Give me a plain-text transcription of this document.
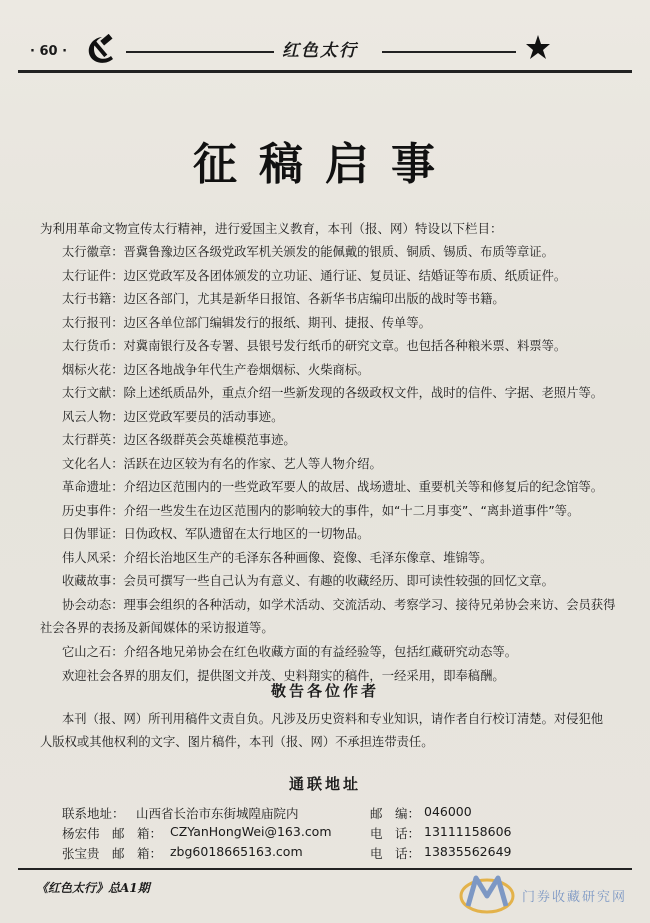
· 60 ·	红色太行
征稿启事
为利用革命文物宣传太行精神，进行爱国主义教育，本刊（报、网）特设以下栏目：
太行徽章：晋冀鲁豫边区各级党政军机关颁发的能佩戴的银质、铜质、锡质、布质等章证。
太行证件：边区党政军及各团体颁发的立功证、通行证、复员证、结婚证等布质、纸质证件。
太行书籍：边区各部门，尤其是新华日报馆、各新华书店编印出版的战时等书籍。
太行报刊：边区各单位部门编辑发行的报纸、期刊、捷报、传单等。
太行货币：对冀南银行及各专署、县银号发行纸币的研究文章。也包括各种粮米票、料票等。
烟标火花：边区各地战争年代生产卷烟烟标、火柴商标。
太行文献：除上述纸质品外，重点介绍一些新发现的各级政权文件，战时的信件、字据、老照片等。
风云人物：边区党政军要员的活动事迹。
太行群英：边区各级群英会英雄模范事迹。
文化名人：活跃在边区较为有名的作家、艺人等人物介绍。
革命遗址：介绍边区范围内的一些党政军要人的故居、战场遗址、重要机关等和修复后的纪念馆等。
历史事件：介绍一些发生在边区范围内的影响较大的事件，如“十二月事变”、“离卦道事件”等。
日伪罪证：日伪政权、军队遗留在太行地区的一切物品。
伟人风采：介绍长治地区生产的毛泽东各种画像、瓷像、毛泽东像章、堆锦等。
收藏故事：会员可撰写一些自己认为有意义、有趣的收藏经历、即可读性较强的回忆文章。
协会动态：理事会组织的各种活动，如学术活动、交流活动、考察学习、接待兄弟协会来访、会员获得社会各界的表扬及新闻媒体的采访报道等。
它山之石：介绍各地兄弟协会在红色收藏方面的有益经验等，包括红藏研究动态等。
欢迎社会各界的朋友们，提供图文并茂、史料翔实的稿件，一经采用，即奉稿酬。
敬告各位作者
本刊（报、网）所刊用稿件文责自负。凡涉及历史资料和专业知识，请作者自行校订清楚。对侵犯他人版权或其他权利的文字、图片稿件，本刊（报、网）不承担连带责任。
通联地址
联系地址： 山西省长治市东街城隍庙院内	邮　编： 046000
杨宏伟 邮　箱： CZYanHongWei@163.com	电　话： 13111158606
张宝贵 邮　箱： zbg6018665163.com	电　话： 13835562649
《红色太行》总A1期
门券收藏研究网
